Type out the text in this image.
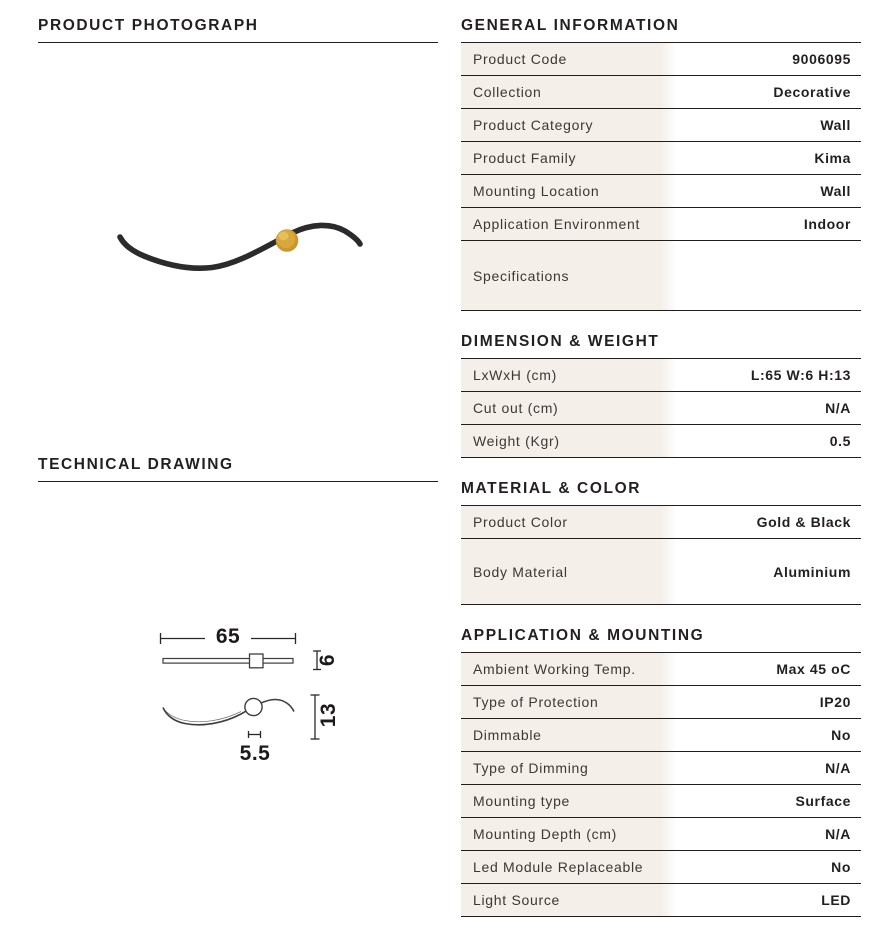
PRODUCT PHOTOGRAPH
TECHNICAL DRAWING
65
6
13
5.5
GENERAL INFORMATION
Product Code	9006095
Collection	Decorative
Product Category	Wall
Product Family	Kima
Mounting Location	Wall
Application Environment	Indoor
Specifications
DIMENSION & WEIGHT
LxWxH (cm)	L:65 W:6 H:13
Cut out (cm)	N/A
Weight (Kgr)	0.5
MATERIAL & COLOR
Product Color	Gold & Black
Body Material	Aluminium
APPLICATION & MOUNTING
Ambient Working Temp.	Max 45 oC
Type of Protection	IP20
Dimmable	No
Type of Dimming	N/A
Mounting type	Surface
Mounting Depth (cm)	N/A
Led Module Replaceable	No
Light Source	LED
